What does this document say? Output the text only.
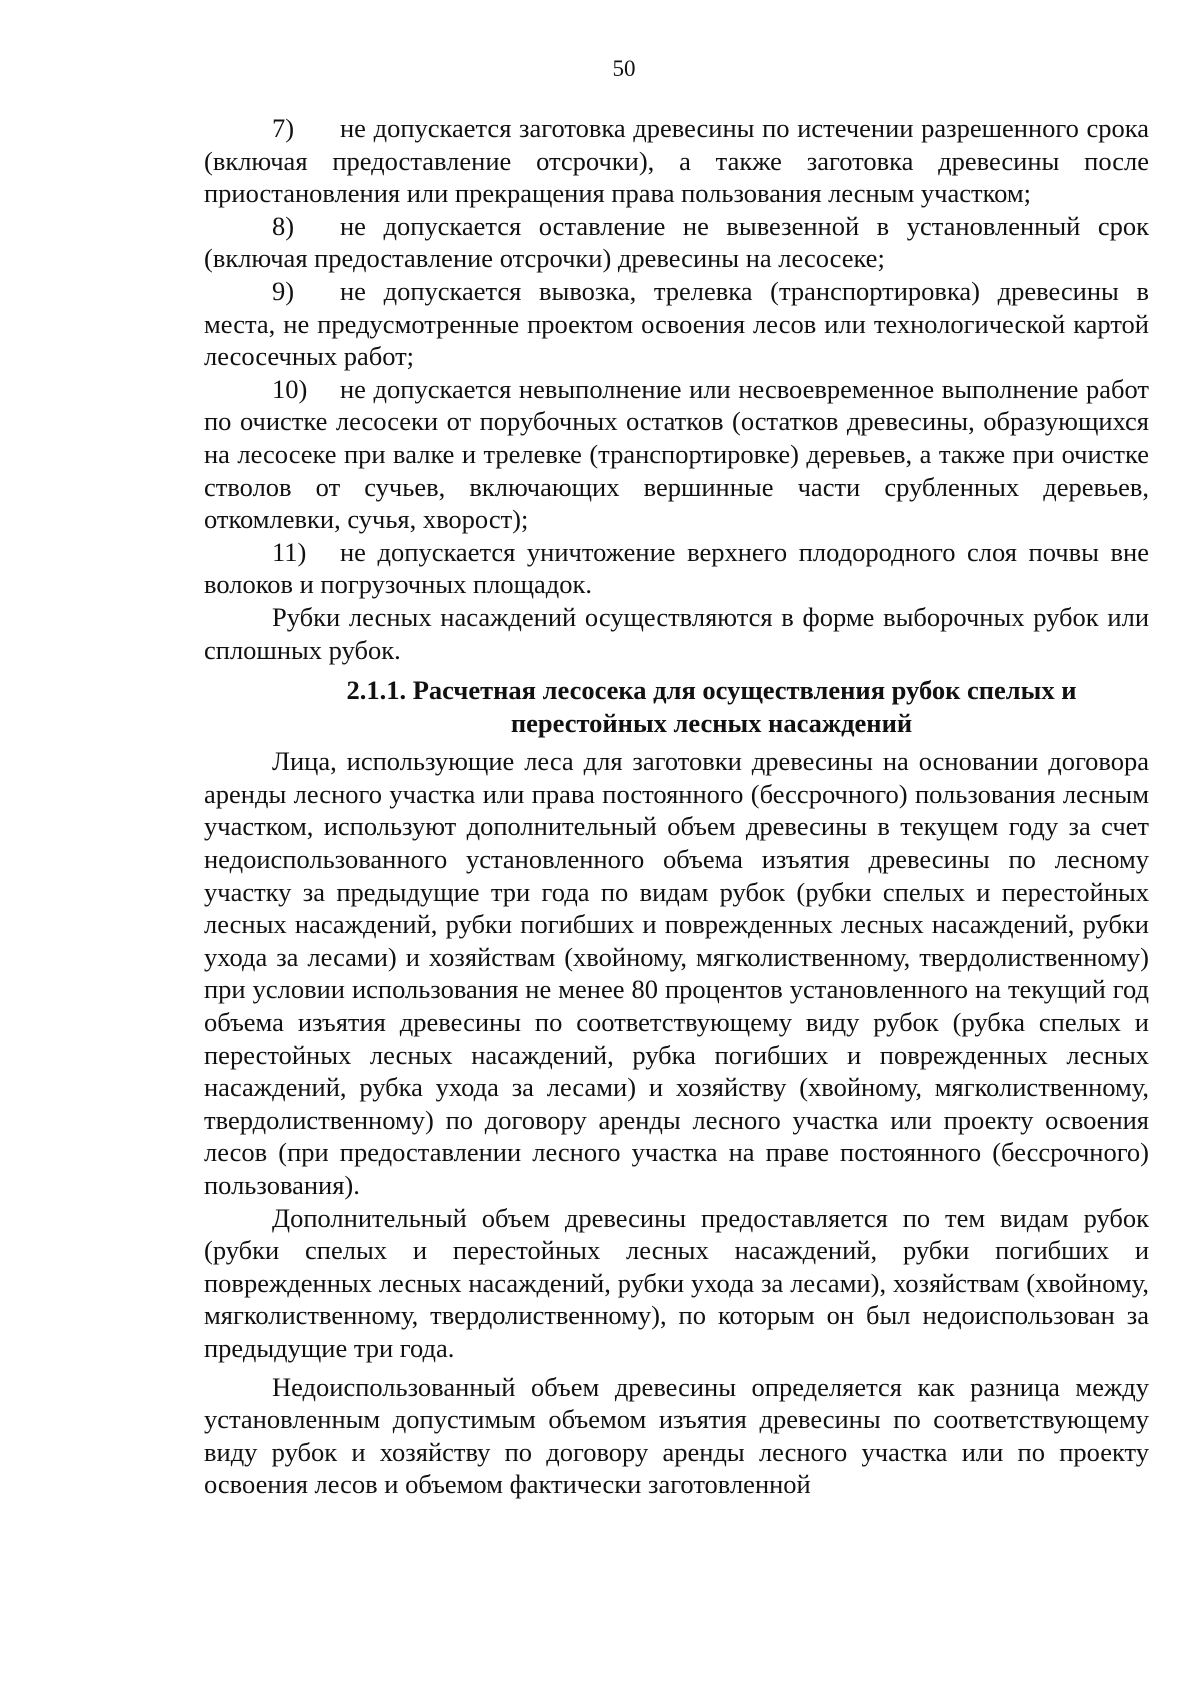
50

7) не допускается заготовка древесины по истечении разрешенного срока (включая предоставление отсрочки), а также заготовка древесины после приостановления или прекращения права пользования лесным участком;

8) не допускается оставление не вывезенной в установленный срок (включая предоставление отсрочки) древесины на лесосеке;

9) не допускается вывозка, трелевка (транспортировка) древесины в места, не предусмотренные проектом освоения лесов или технологической картой лесосечных работ;

10) не допускается невыполнение или несвоевременное выполнение работ по очистке лесосеки от порубочных остатков (остатков древесины, образующихся на лесосеке при валке и трелевке (транспортировке) деревьев, а также при очистке стволов от сучьев, включающих вершинные части срубленных деревьев, откомлевки, сучья, хворост);

11) не допускается уничтожение верхнего плодородного слоя почвы вне волоков и погрузочных площадок.

Рубки лесных насаждений осуществляются в форме выборочных рубок или сплошных рубок.

2.1.1. Расчетная лесосека для осуществления рубок спелых и
перестойных лесных насаждений

Лица, использующие леса для заготовки древесины на основании договора аренды лесного участка или права постоянного (бессрочного) пользования лесным участком, используют дополнительный объем древесины в текущем году за счет недоиспользованного установленного объема изъятия древесины по лесному участку за предыдущие три года по видам рубок (рубки спелых и перестойных лесных насаждений, рубки погибших и поврежденных лесных насаждений, рубки ухода за лесами) и хозяйствам (хвойному, мягколиственному, твердолиственному) при условии использования не менее 80 процентов установленного на текущий год объема изъятия древесины по соответствующему виду рубок (рубка спелых и перестойных лесных насаждений, рубка погибших и поврежденных лесных насаждений, рубка ухода за лесами) и хозяйству (хвойному, мягколиственному, твердолиственному) по договору аренды лесного участка или проекту освоения лесов (при предоставлении лесного участка на праве постоянного (бессрочного) пользования).

Дополнительный объем древесины предоставляется по тем видам рубок (рубки спелых и перестойных лесных насаждений, рубки погибших и поврежденных лесных насаждений, рубки ухода за лесами), хозяйствам (хвойному, мягколиственному, твердолиственному), по которым он был недоиспользован за предыдущие три года.

Недоиспользованный объем древесины определяется как разница между установленным допустимым объемом изъятия древесины по соответствующему виду рубок и хозяйству по договору аренды лесного участка или по проекту освоения лесов и объемом фактически заготовленной
